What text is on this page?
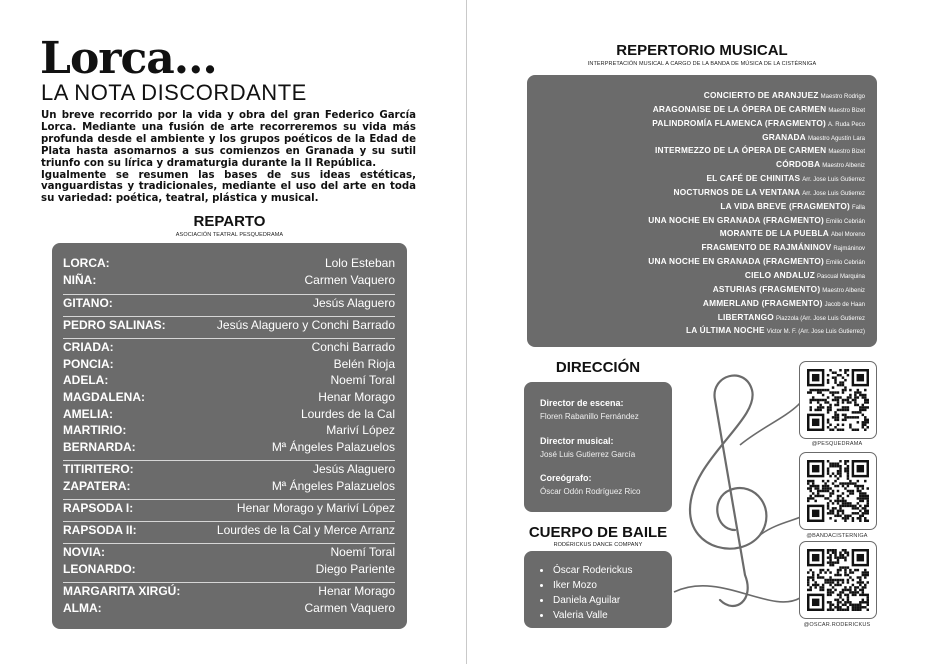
Lorca...
LA NOTA DISCORDANTE

Un breve recorrido por la vida y obra del gran Federico García Lorca. Mediante una fusión de arte recorreremos su vida más profunda desde el ambiente y los grupos poéticos de la Edad de Plata hasta asomarnos a sus comienzos en Granada y su sutil triunfo con su lírica y dramaturgia durante la II República.

Igualmente se resumen las bases de sus ideas estéticas, vanguardistas y tradicionales, mediante el uso del arte en toda su variedad: poética, teatral, plástica y musical.

REPARTO
ASOCIACIÓN TEATRAL PESQUEDRAMA
LORCA:	Lolo Esteban
NIÑA:	Carmen Vaquero
GITANO:	Jesús Alaguero
PEDRO SALINAS:	Jesús Alaguero y Conchi Barrado
CRIADA:	Conchi Barrado
PONCIA:	Belén Rioja
ADELA:	Noemí Toral
MAGDALENA:	Henar Morago
AMELIA:	Lourdes de la Cal
MARTIRIO:	Mariví López
BERNARDA:	Mª Ángeles Palazuelos
TITIRITERO:	Jesús Alaguero
ZAPATERA:	Mª Ángeles Palazuelos
RAPSODA I:	Henar Morago y Mariví López
RAPSODA II:	Lourdes de la Cal y Merce Arranz
NOVIA:	Noemí Toral
LEONARDO:	Diego Pariente
MARGARITA XIRGÚ:	Henar Morago
ALMA:	Carmen Vaquero
REPERTORIO MUSICAL
INTERPRETACIÓN MUSICAL A CARGO DE LA BANDA DE MÚSICA DE LA CISTÉRNIGA
CONCIERTO DE ARANJUEZ Maestro Rodrigo
ARAGONAISE DE LA ÓPERA DE CARMEN Maestro Bizet
PALINDROMÍA FLAMENCA (FRAGMENTO) A. Ruda Peco
GRANADA Maestro Agustín Lara
INTERMEZZO DE LA ÓPERA DE CARMEN Maestro Bizet
CÓRDOBA Maestro Albeniz
EL CAFÉ DE CHINITAS Arr. Jose Luis Gutierrez
NOCTURNOS DE LA VENTANA Arr. Jose Luis Gutierrez
LA VIDA BREVE (FRAGMENTO) Falla
UNA NOCHE EN GRANADA (FRAGMENTO) Emilio Cebrián
MORANTE DE LA PUEBLA Abel Moreno
FRAGMENTO DE RAJMÁNINOV Rajmáninov
UNA NOCHE EN GRANADA (FRAGMENTO) Emilio Cebrián
CIELO ANDALUZ Pascual Marquina
ASTURIAS (FRAGMENTO) Maestro Albeniz
AMMERLAND (FRAGMENTO) Jacob de Haan
LIBERTANGO Piazzola (Arr. Jose Luis Gutierrez
LA ÚLTIMA NOCHE Victor M. F. (Arr. Jose Luis Gutierrez)
DIRECCIÓN
Director de escena:
Floren Rabanillo Fernández
Director musical:
José Luis Gutierrez García
Coreógrafo:
Óscar Odón Rodríguez Rico
CUERPO DE BAILE
RODÉRICKUS DANCE COMPANY
Óscar Roderickus
Iker Mozo
Daniela Aguilar
Valeria Valle
@PESQUEDRAMA
@BANDACISTERNIGA
@OSCAR.RODERICKUS
